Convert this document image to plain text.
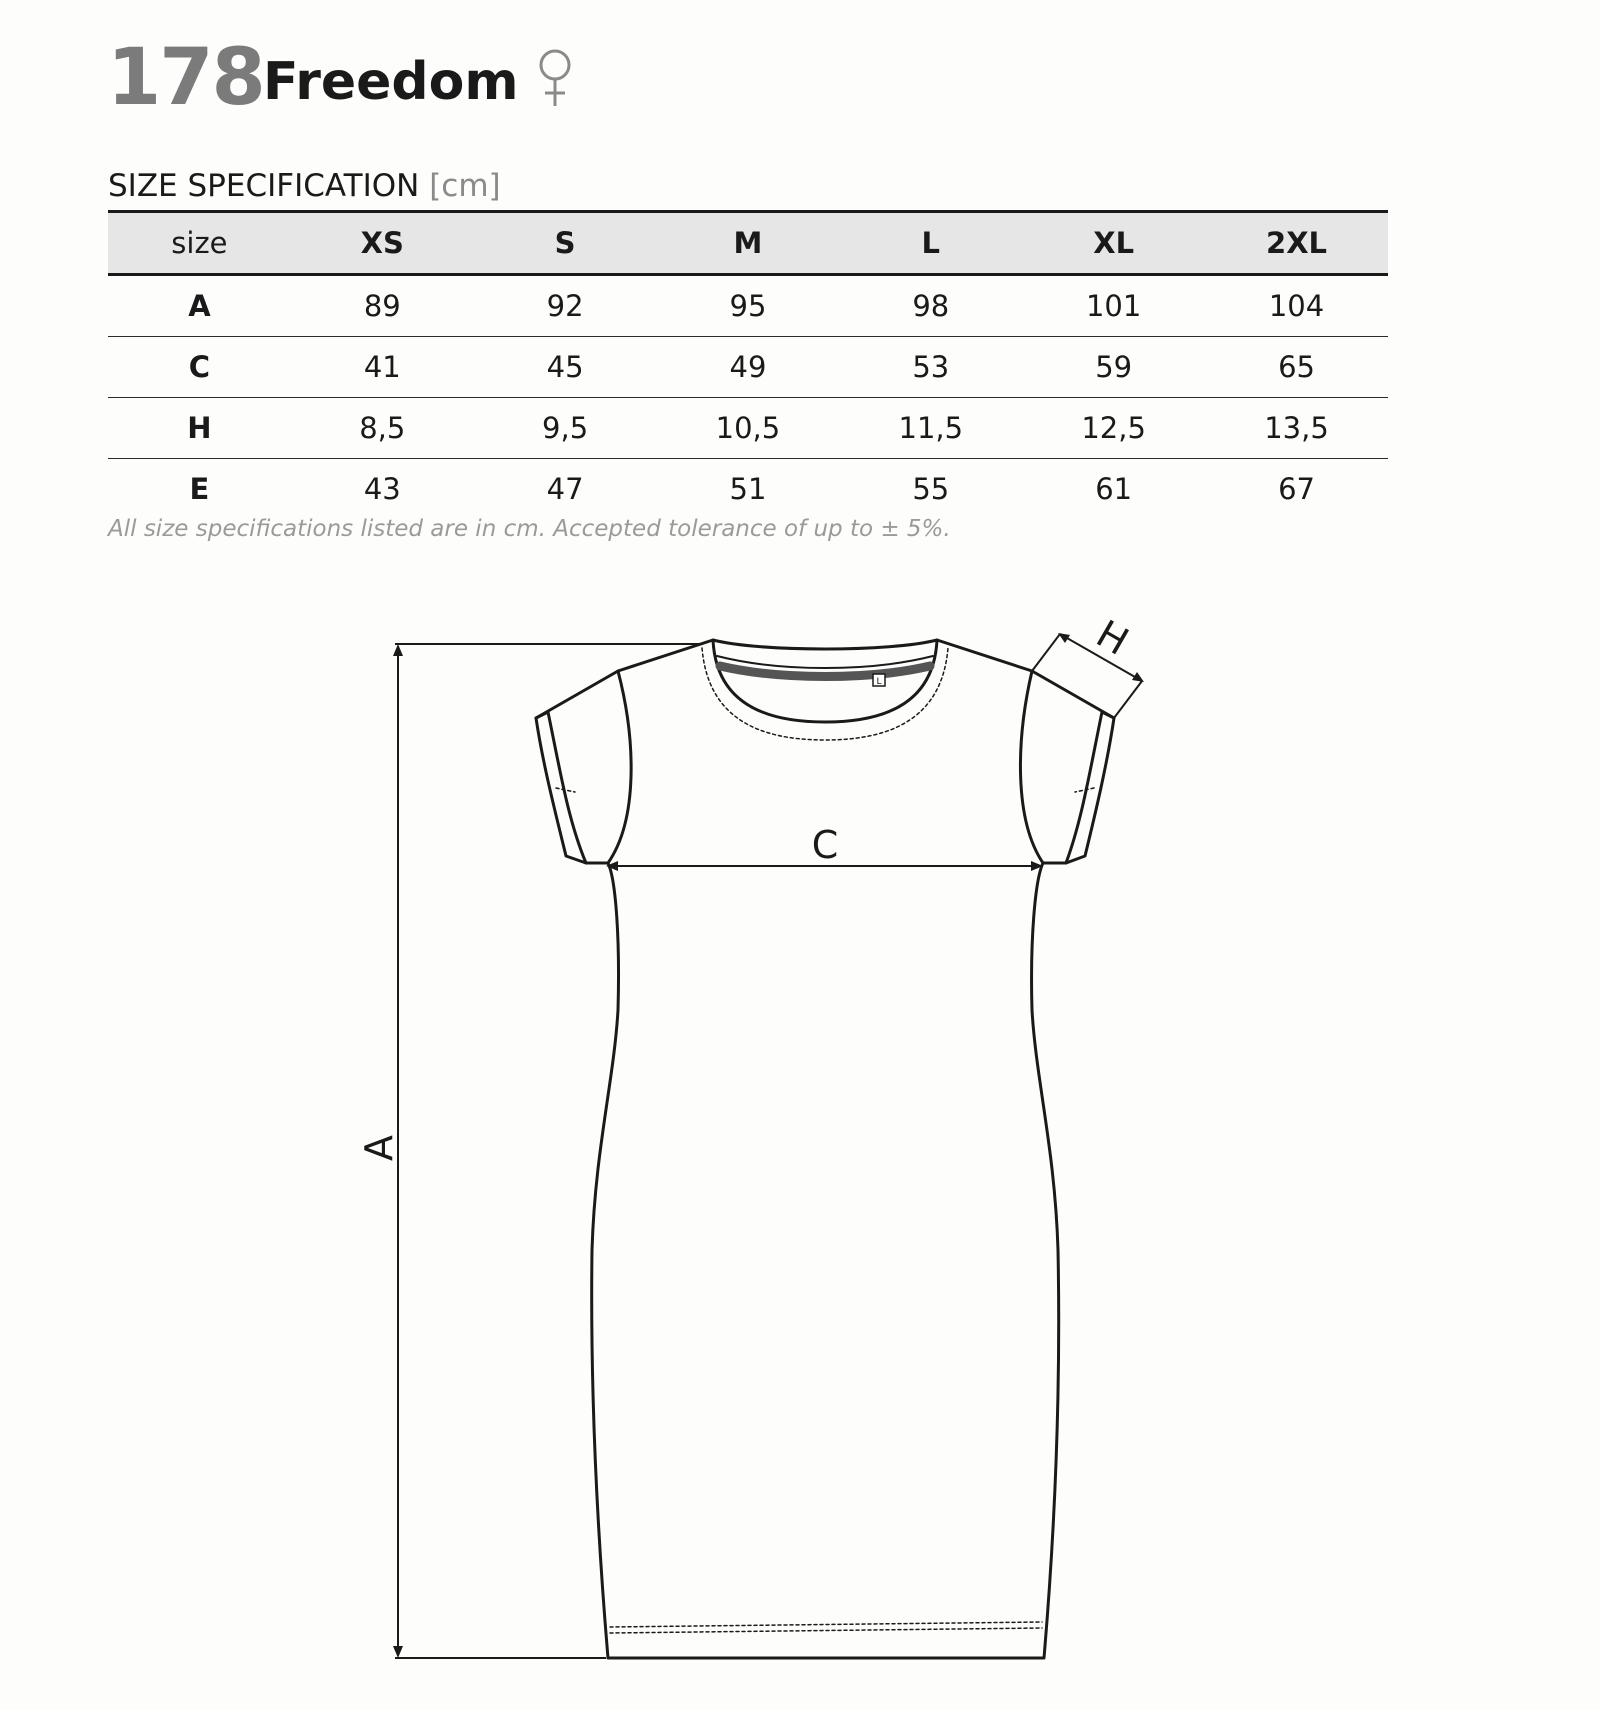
178 Freedom
SIZE SPECIFICATION [cm]
size	XS	S	M	L	XL	2XL
A	89	92	95	98	101	104
C	41	45	49	53	59	65
H	8,5	9,5	10,5	11,5	12,5	13,5
E	43	47	51	55	61	67
All size specifications listed are in cm. Accepted tolerance of up to ± 5%.
L
A
C
H
